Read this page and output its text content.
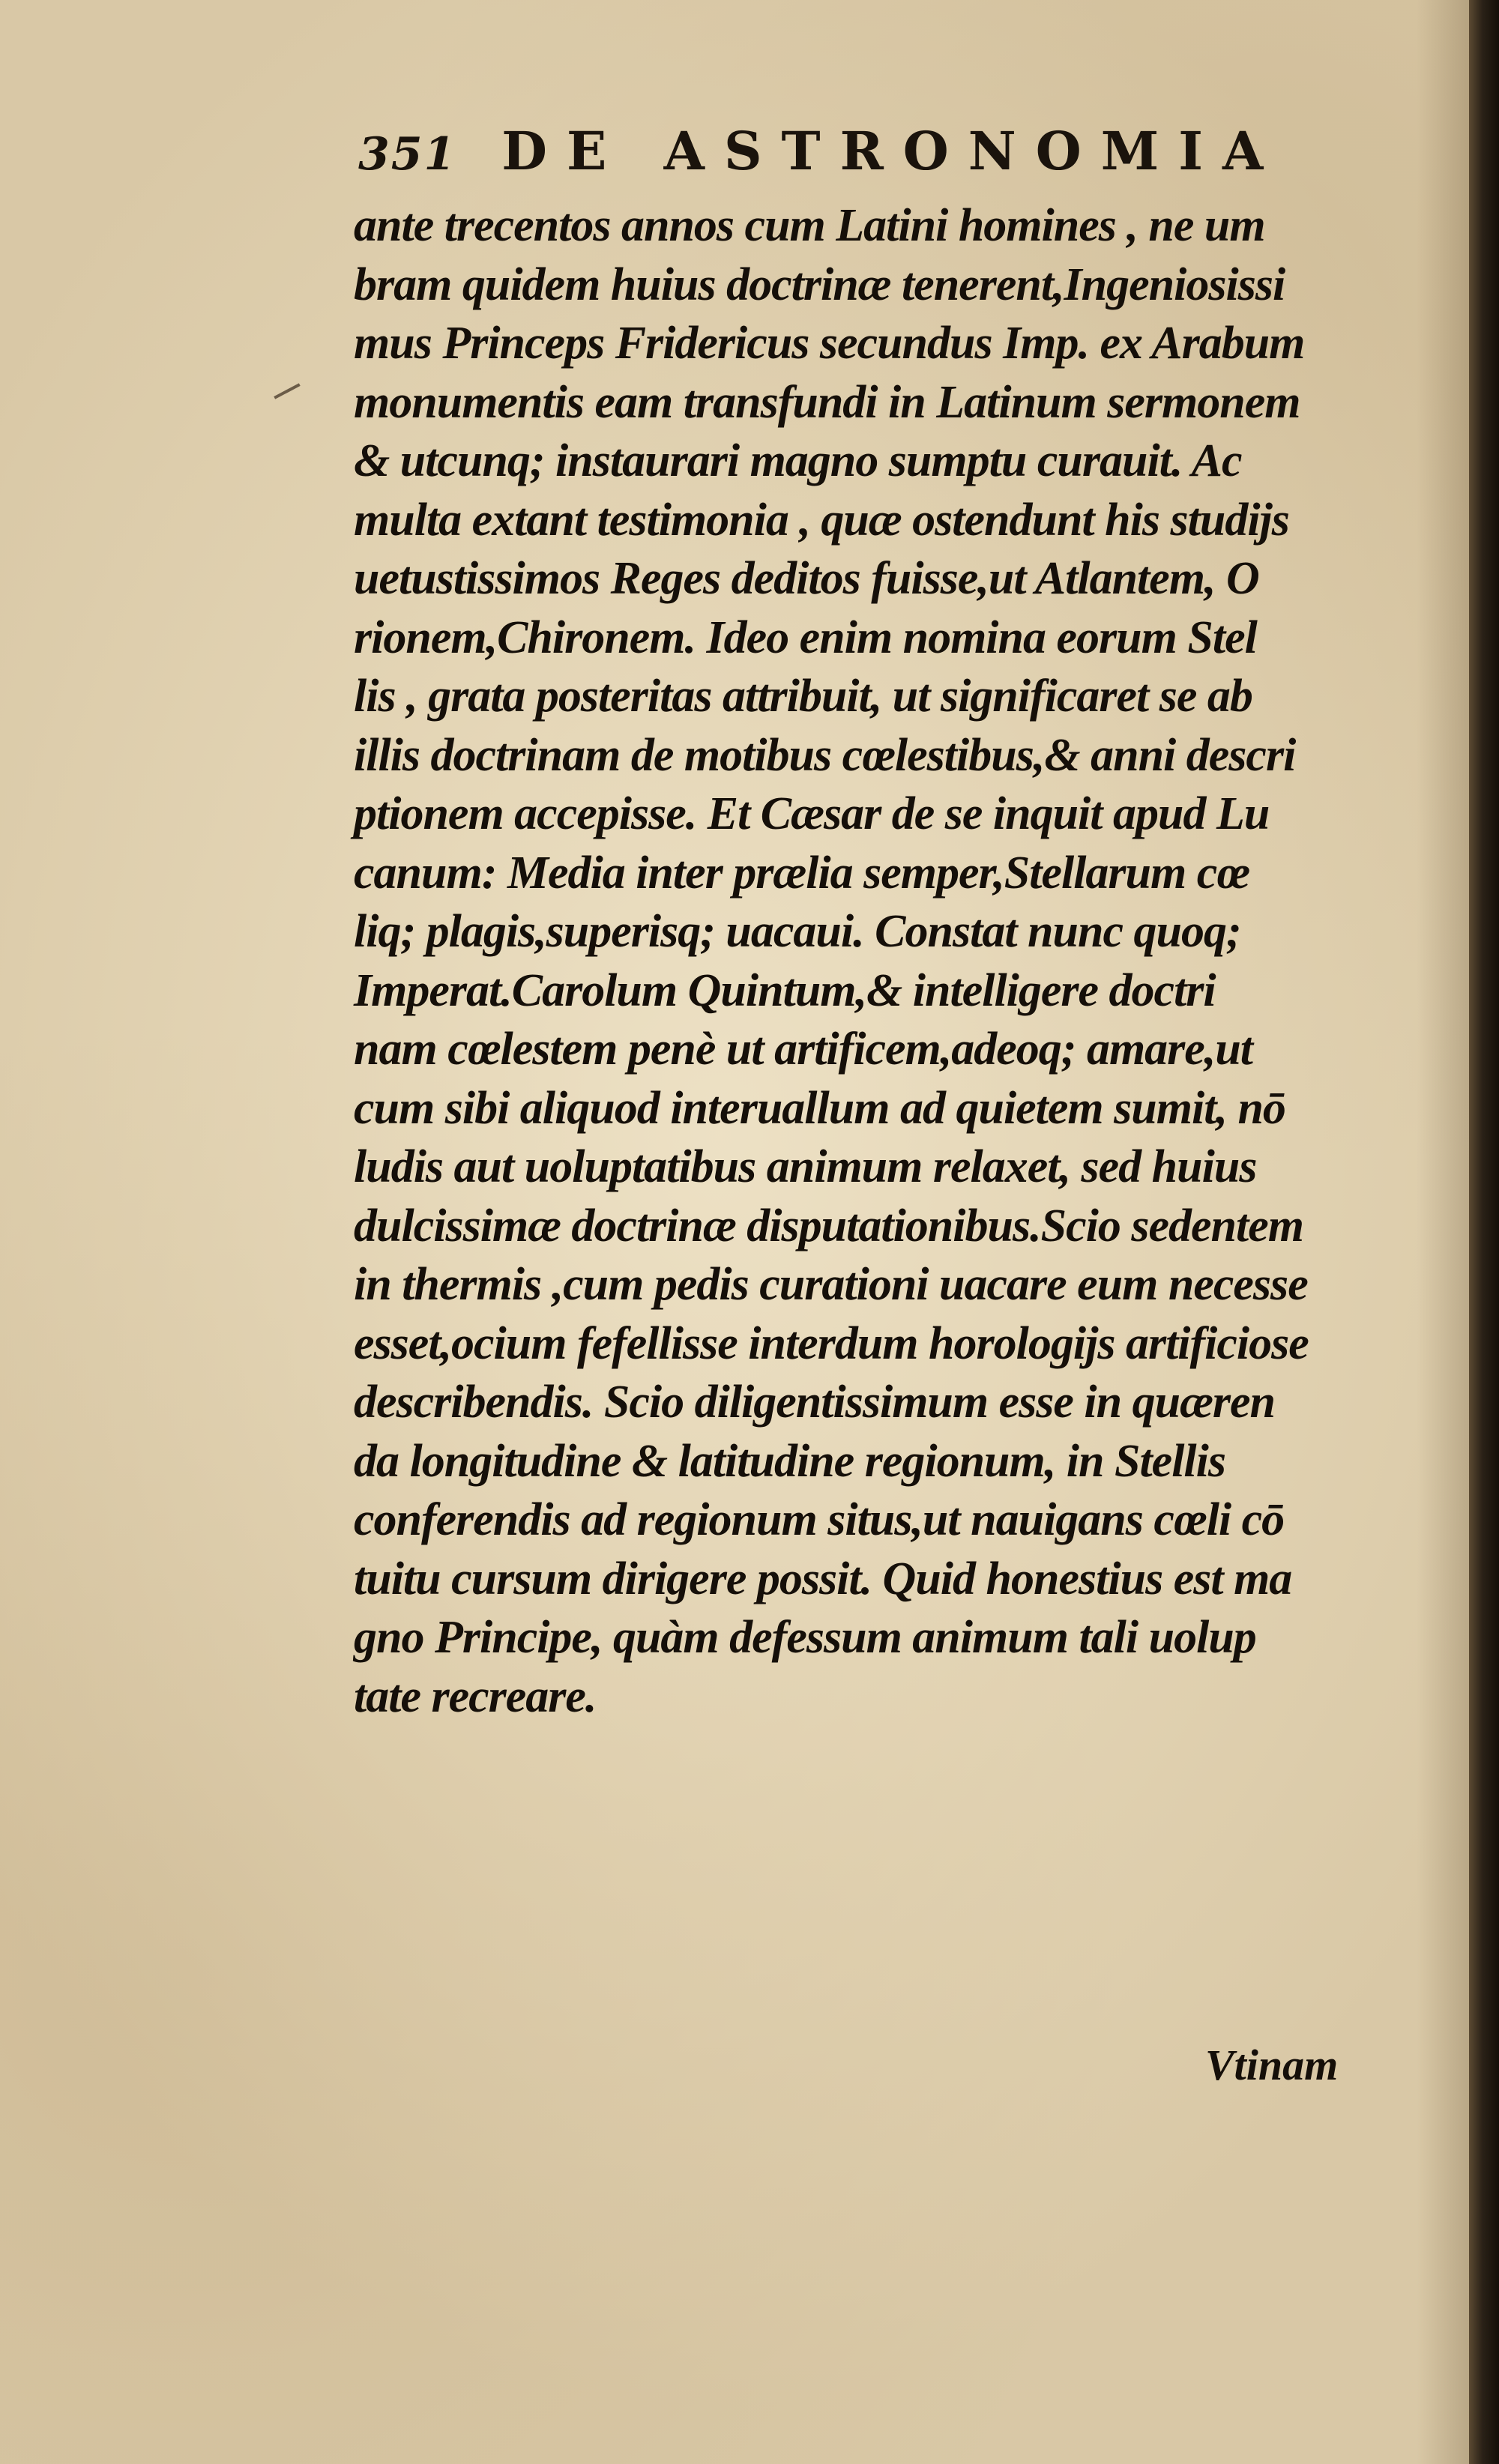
351 DE ASTRONOMIA
ante trecentos annos cum Latini homines , ne um
bram quidem huius doctrinæ tenerent,Ingeniosissi
mus Princeps Fridericus secundus Imp. ex Arabum
monumentis eam transfundi in Latinum sermonem
& utcunq; instaurari magno sumptu curauit. Ac
multa extant testimonia , quæ ostendunt his studijs
uetustissimos Reges deditos fuisse,ut Atlantem, O
rionem,Chironem. Ideo enim nomina eorum Stel
lis , grata posteritas attribuit, ut significaret se ab
illis doctrinam de motibus cœlestibus,& anni descri
ptionem accepisse. Et Cæsar de se inquit apud Lu
canum: Media inter prælia semper,Stellarum cœ
liq; plagis,superisq; uacaui. Constat nunc quoq;
Imperat.Carolum Quintum,& intelligere doctri
nam cœlestem penè ut artificem,adeoq; amare,ut
cum sibi aliquod interuallum ad quietem sumit, nō
ludis aut uoluptatibus animum relaxet, sed huius
dulcissimæ doctrinæ disputationibus.Scio sedentem
in thermis ,cum pedis curationi uacare eum necesse
esset,ocium fefellisse interdum horologijs artificiose
describendis. Scio diligentissimum esse in quæren
da longitudine & latitudine regionum, in Stellis
conferendis ad regionum situs,ut nauigans cœli cō
tuitu cursum dirigere possit. Quid honestius est ma
gno Principe, quàm defessum animum tali uolup
tate recreare.
Vtinam
